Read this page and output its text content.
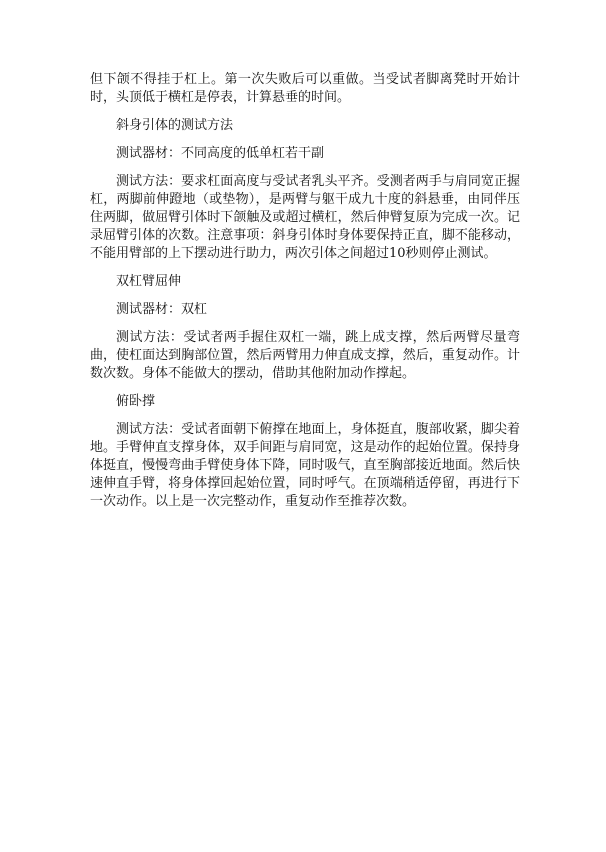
但下颌不得挂于杠上。第一次失败后可以重做。当受试者脚离凳时开始计时，头顶低于横杠是停表，计算悬垂的时间。

斜身引体的测试方法

测试器材：不同高度的低单杠若干副

测试方法：要求杠面高度与受试者乳头平齐。受测者两手与肩同宽正握杠，两脚前伸蹬地（或垫物），是两臂与躯干成九十度的斜悬垂，由同伴压住两脚，做屈臂引体时下颌触及或超过横杠，然后伸臂复原为完成一次。记录屈臂引体的次数。注意事项：斜身引体时身体要保持正直，脚不能移动，不能用臂部的上下摆动进行助力，两次引体之间超过10秒则停止测试。

双杠臂屈伸

测试器材：双杠

测试方法：受试者两手握住双杠一端，跳上成支撑，然后两臂尽量弯曲，使杠面达到胸部位置，然后两臂用力伸直成支撑，然后，重复动作。计数次数。身体不能做大的摆动，借助其他附加动作撑起。

俯卧撑

测试方法：受试者面朝下俯撑在地面上，身体挺直，腹部收紧，脚尖着地。手臂伸直支撑身体，双手间距与肩同宽，这是动作的起始位置。保持身体挺直，慢慢弯曲手臂使身体下降，同时吸气，直至胸部接近地面。然后快速伸直手臂，将身体撑回起始位置，同时呼气。在顶端稍适停留，再进行下一次动作。以上是一次完整动作，重复动作至推荐次数。
